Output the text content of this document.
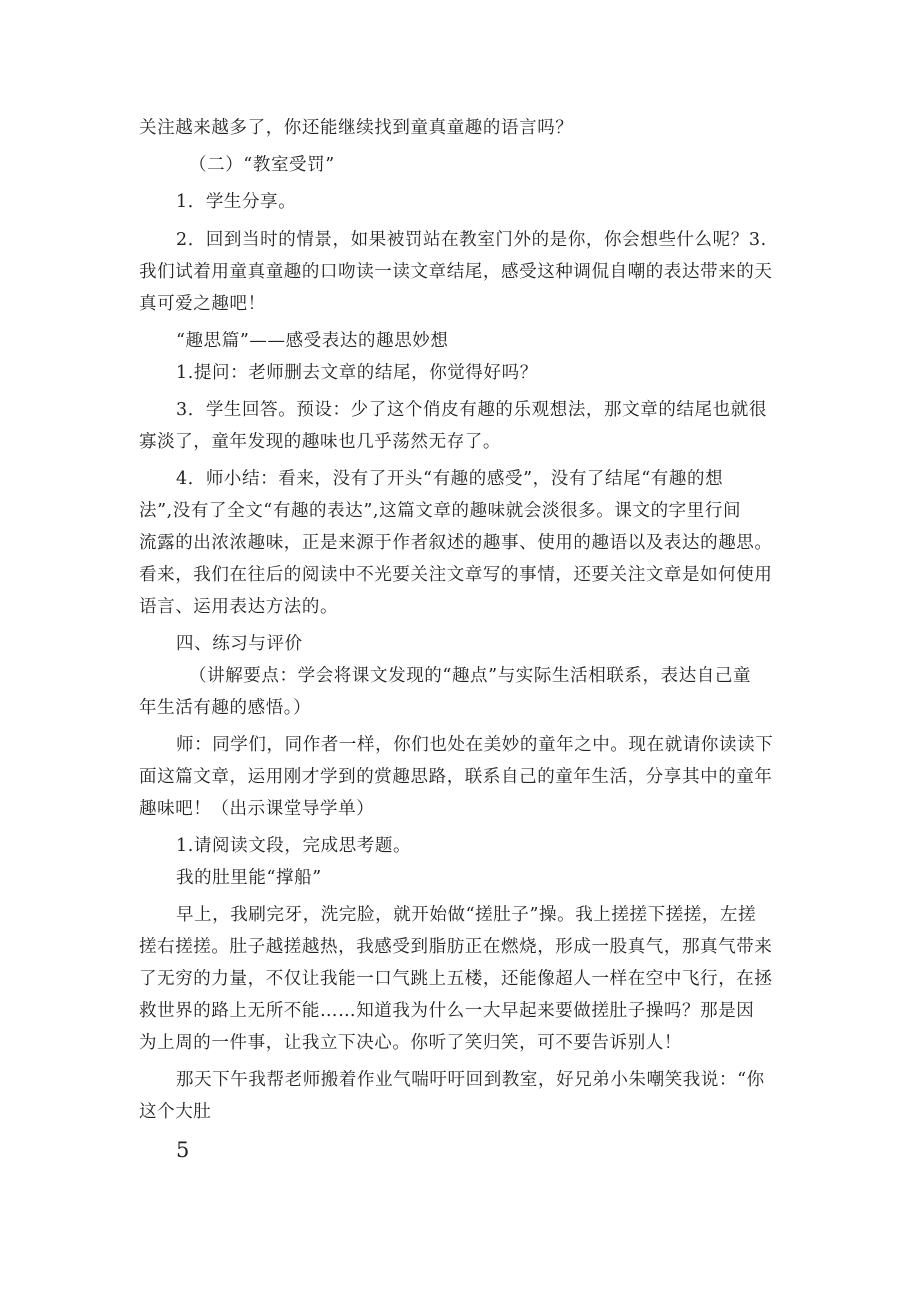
关注越来越多了，你还能继续找到童真童趣的语言吗？
（二）“教室受罚”
1．学生分享。
2．回到当时的情景，如果被罚站在教室门外的是你，你会想些什么呢？3.
我们试着用童真童趣的口吻读一读文章结尾，感受这种调侃自嘲的表达带来的天
真可爱之趣吧！
“趣思篇”——感受表达的趣思妙想
1.提问：老师删去文章的结尾，你觉得好吗？
3．学生回答。预设：少了这个俏皮有趣的乐观想法，那文章的结尾也就很
寡淡了，童年发现的趣味也几乎荡然无存了。
4．师小结：看来，没有了开头“有趣的感受”，没有了结尾“有趣的想
法”,没有了全文“有趣的表达”,这篇文章的趣味就会淡很多。课文的字里行间
流露的出浓浓趣味，正是来源于作者叙述的趣事、使用的趣语以及表达的趣思。
看来，我们在往后的阅读中不光要关注文章写的事情，还要关注文章是如何使用
语言、运用表达方法的。
四、练习与评价
（讲解要点：学会将课文发现的“趣点”与实际生活相联系，表达自己童
年生活有趣的感悟。）
师：同学们，同作者一样，你们也处在美妙的童年之中。现在就请你读读下
面这篇文章，运用刚才学到的赏趣思路，联系自己的童年生活，分享其中的童年
趣味吧！（出示课堂导学单）
1.请阅读文段，完成思考题。
我的肚里能“撑船”
早上，我刷完牙，洗完脸，就开始做“搓肚子”操。我上搓搓下搓搓，左搓
搓右搓搓。肚子越搓越热，我感受到脂肪正在燃烧，形成一股真气，那真气带来
了无穷的力量，不仅让我能一口气跳上五楼，还能像超人一样在空中飞行，在拯
救世界的路上无所不能……知道我为什么一大早起来要做搓肚子操吗？那是因
为上周的一件事，让我立下决心。你听了笑归笑，可不要告诉别人！
那天下午我帮老师搬着作业气喘吁吁回到教室，好兄弟小朱嘲笑我说：“你
这个大肚
5
